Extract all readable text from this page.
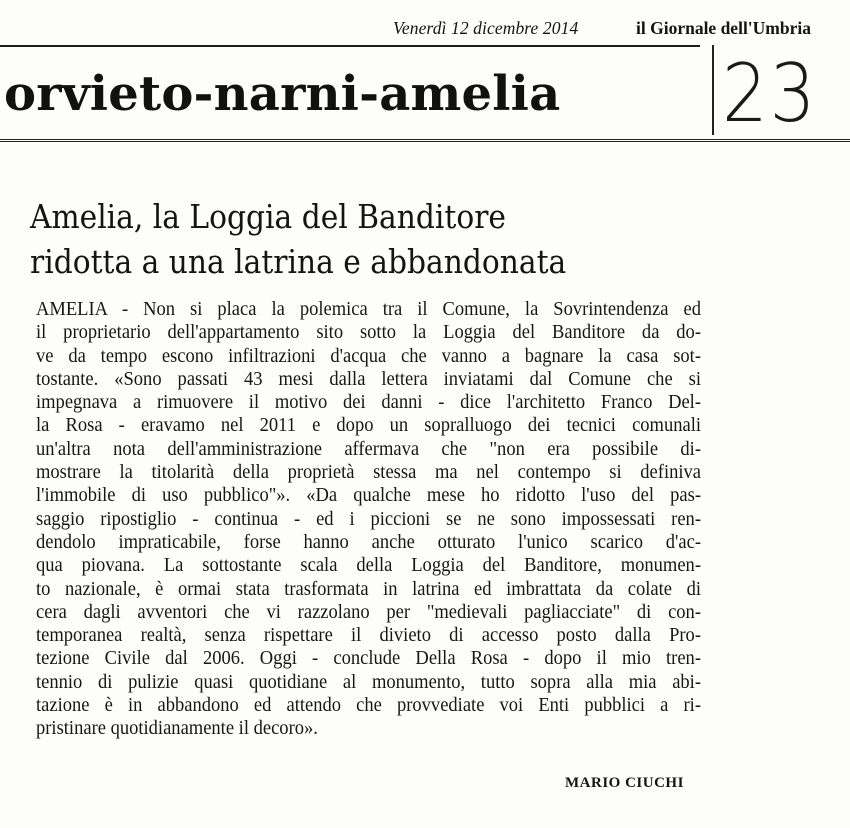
Venerdì 12 dicembre 2014	il Giornale dell'Umbria
orvieto-narni-amelia 23
Amelia, la Loggia del Banditore
ridotta a una latrina e abbandonata
AMELIA - Non si placa la polemica tra il Comune, la Sovrintendenza ed
il proprietario dell'appartamento sito sotto la Loggia del Banditore da do-
ve da tempo escono infiltrazioni d'acqua che vanno a bagnare la casa sot-
tostante. «Sono passati 43 mesi dalla lettera inviatami dal Comune che si
impegnava a rimuovere il motivo dei danni - dice l'architetto Franco Del-
la Rosa - eravamo nel 2011 e dopo un sopralluogo dei tecnici comunali
un'altra nota dell'amministrazione affermava che "non era possibile di-
mostrare la titolarità della proprietà stessa ma nel contempo si definiva
l'immobile di uso pubblico"». «Da qualche mese ho ridotto l'uso del pas-
saggio ripostiglio - continua - ed i piccioni se ne sono impossessati ren-
dendolo impraticabile, forse hanno anche otturato l'unico scarico d'ac-
qua piovana. La sottostante scala della Loggia del Banditore, monumen-
to nazionale, è ormai stata trasformata in latrina ed imbrattata da colate di
cera dagli avventori che vi razzolano per "medievali pagliacciate" di con-
temporanea realtà, senza rispettare il divieto di accesso posto dalla Pro-
tezione Civile dal 2006. Oggi - conclude Della Rosa - dopo il mio tren-
tennio di pulizie quasi quotidiane al monumento, tutto sopra alla mia abi-
tazione è in abbandono ed attendo che provvediate voi Enti pubblici a ri-
pristinare quotidianamente il decoro».
MARIO CIUCHI
